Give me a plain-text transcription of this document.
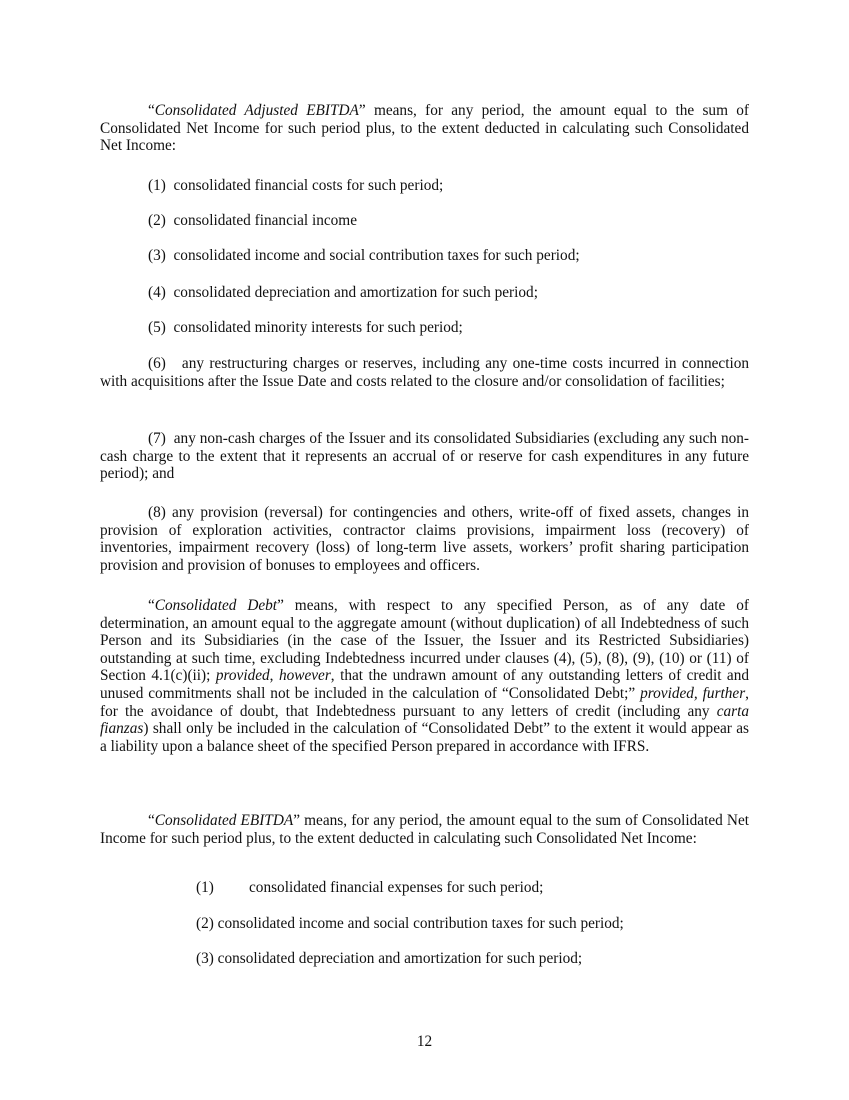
“Consolidated Adjusted EBITDA” means, for any period, the amount equal to the sum of Consolidated Net Income for such period plus, to the extent deducted in calculating such Consolidated Net Income:

(1) consolidated financial costs for such period;

(2) consolidated financial income

(3) consolidated income and social contribution taxes for such period;

(4) consolidated depreciation and amortization for such period;

(5) consolidated minority interests for such period;

(6) any restructuring charges or reserves, including any one-time costs incurred in connection with acquisitions after the Issue Date and costs related to the closure and/or consolidation of facilities;

(7) any non-cash charges of the Issuer and its consolidated Subsidiaries (excluding any such non-cash charge to the extent that it represents an accrual of or reserve for cash expenditures in any future period); and

(8) any provision (reversal) for contingencies and others, write-off of fixed assets, changes in provision of exploration activities, contractor claims provisions, impairment loss (recovery) of inventories, impairment recovery (loss) of long-term live assets, workers’ profit sharing participation provision and provision of bonuses to employees and officers.

“Consolidated Debt” means, with respect to any specified Person, as of any date of determination, an amount equal to the aggregate amount (without duplication) of all Indebtedness of such Person and its Subsidiaries (in the case of the Issuer, the Issuer and its Restricted Subsidiaries) outstanding at such time, excluding Indebtedness incurred under clauses (4), (5), (8), (9), (10) or (11) of Section 4.1(c)(ii); provided, however, that the undrawn amount of any outstanding letters of credit and unused commitments shall not be included in the calculation of “Consolidated Debt;” provided, further, for the avoidance of doubt, that Indebtedness pursuant to any letters of credit (including any carta fianzas) shall only be included in the calculation of “Consolidated Debt” to the extent it would appear as a liability upon a balance sheet of the specified Person prepared in accordance with IFRS.

“Consolidated EBITDA” means, for any period, the amount equal to the sum of Consolidated Net Income for such period plus, to the extent deducted in calculating such Consolidated Net Income:

(1) consolidated financial expenses for such period;

(2) consolidated income and social contribution taxes for such period;

(3) consolidated depreciation and amortization for such period;

12
